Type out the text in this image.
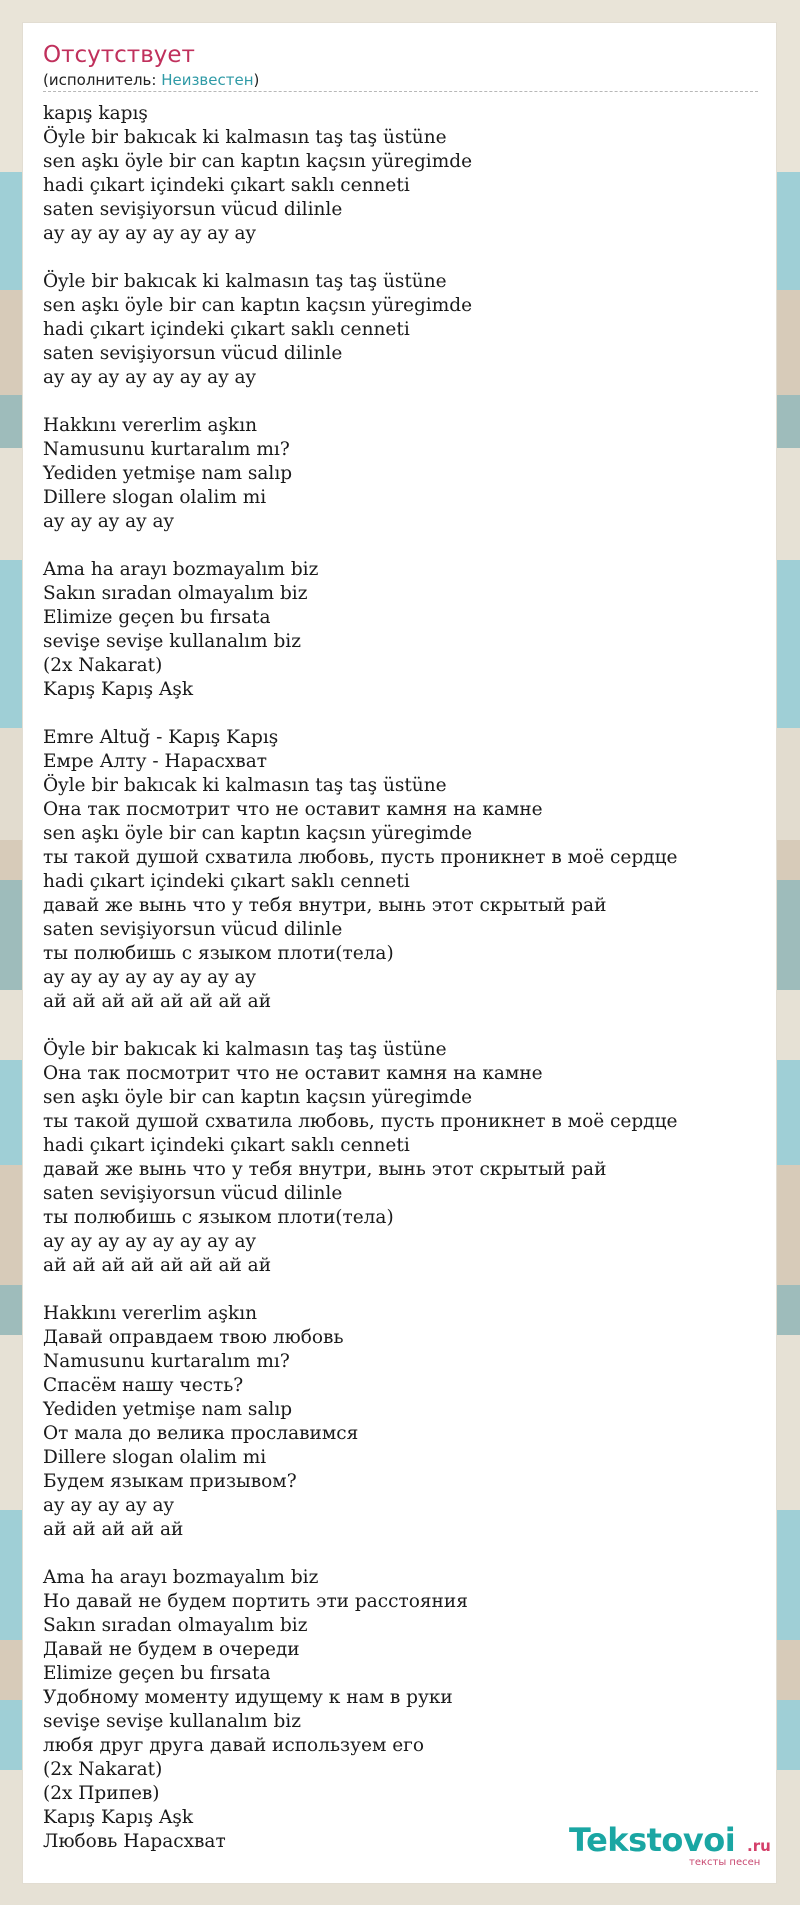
Отсутствует
(исполнитель: Неизвестен)
kapış kapış
Öyle bir bakıcak ki kalmasın taş taş üstüne
sen aşkı öyle bir can kaptın kaçsın yüregimde
hadi çıkart içindeki çıkart saklı cenneti
saten sevişiyorsun vücud dilinle
ay ay ay ay ay ay ay ay

Öyle bir bakıcak ki kalmasın taş taş üstüne
sen aşkı öyle bir can kaptın kaçsın yüregimde
hadi çıkart içindeki çıkart saklı cenneti
saten sevişiyorsun vücud dilinle
ay ay ay ay ay ay ay ay

Hakkını vererlim aşkın
Namusunu kurtaralım mı?
Yediden yetmişe nam salıp
Dillere slogan olalim mi
ay ay ay ay ay

Ama ha arayı bozmayalım biz
Sakın sıradan olmayalım biz
Elimize geçen bu fırsata
sevişe sevişe kullanalım biz
(2x Nakarat)
Kapış Kapış Aşk

Emre Altuğ - Kapış Kapış
Емре Алту - Нарасхват
Öyle bir bakıcak ki kalmasın taş taş üstüne
Она так посмотрит что не оставит камня на камне
sen aşkı öyle bir can kaptın kaçsın yüregimde
ты такой душой схватила любовь, пусть проникнет в моё сердце
hadi çıkart içindeki çıkart saklı cenneti
давай же вынь что у тебя внутри, вынь этот скрытый рай
saten sevişiyorsun vücud dilinle
ты полюбишь с языком плоти(тела)
ay ay ay ay ay ay ay ay
ай ай ай ай ай ай ай ай

Öyle bir bakıcak ki kalmasın taş taş üstüne
Она так посмотрит что не оставит камня на камне
sen aşkı öyle bir can kaptın kaçsın yüregimde
ты такой душой схватила любовь, пусть проникнет в моё сердце
hadi çıkart içindeki çıkart saklı cenneti
давай же вынь что у тебя внутри, вынь этот скрытый рай
saten sevişiyorsun vücud dilinle
ты полюбишь с языком плоти(тела)
ay ay ay ay ay ay ay ay
ай ай ай ай ай ай ай ай

Hakkını vererlim aşkın
Давай оправдаем твою любовь
Namusunu kurtaralım mı?
Спасём нашу честь?
Yediden yetmişe nam salıp
От мала до велика прославимся
Dillere slogan olalim mi
Будем языкам призывом?
ay ay ay ay ay
ай ай ай ай ай

Ama ha arayı bozmayalım biz
Но давай не будем портить эти расстояния
Sakın sıradan olmayalım biz
Давай не будем в очереди
Elimize geçen bu fırsata
Удобному моменту идущему к нам в руки
sevişe sevişe kullanalım biz
любя друг друга давай используем его
(2x Nakarat)
(2x Припев)
Kapış Kapış Aşk
Любовь Нарасхват	Tekstovoi .ru
тексты песен
